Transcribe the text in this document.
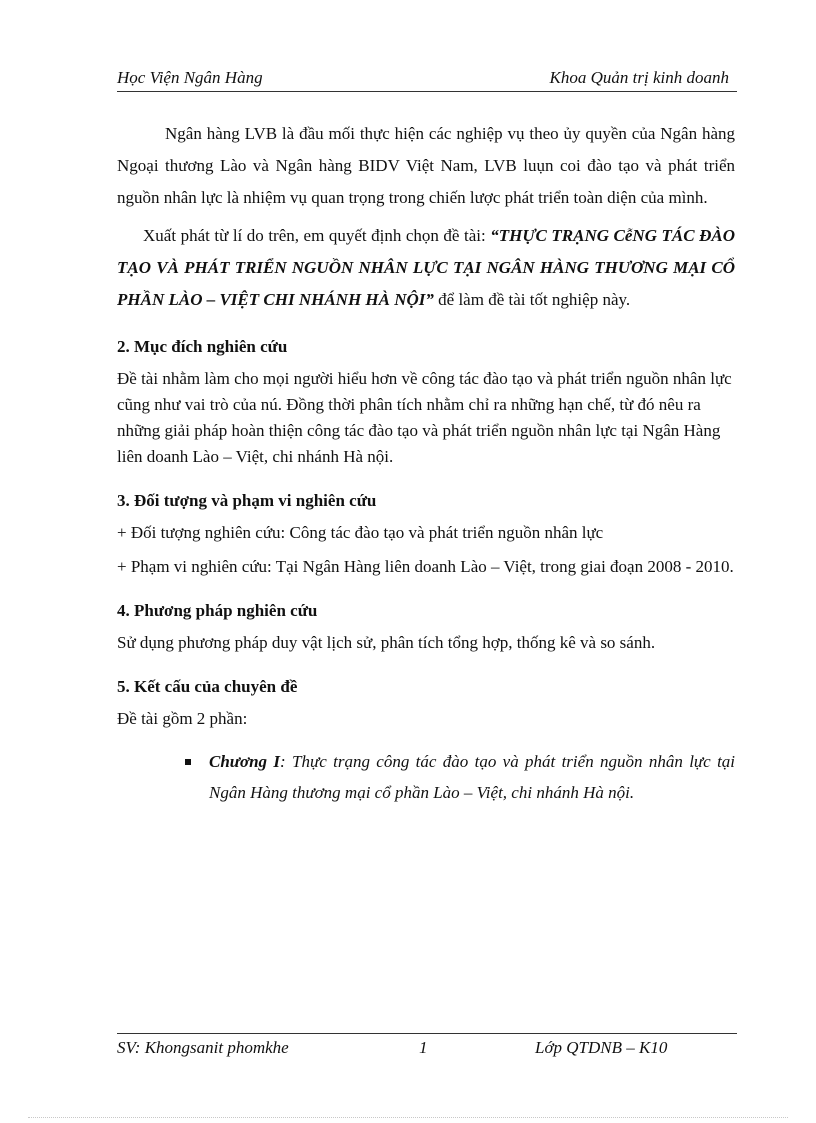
Học Viện Ngân Hàng	Khoa Quản trị kinh doanh

Ngân hàng LVB là đầu mối thực hiện các nghiệp vụ theo ủy quyền của Ngân hàng Ngoại thương Lào và Ngân hàng BIDV Việt Nam, LVB luụn coi đào tạo và phát triển nguồn nhân lực là nhiệm vụ quan trọng trong chiến lược phát triển toàn diện của mình.

Xuất phát từ lí do trên, em quyết định chọn đề tài: “THỰC TRẠNG CễNG TÁC ĐÀO TẠO VÀ PHÁT TRIỂN NGUỒN NHÂN LỰC TẠI NGÂN HÀNG THƯƠNG MẠI CỔ PHẦN LÀO – VIỆT CHI NHÁNH HÀ NỘI” để làm đề tài tốt nghiệp này.

2. Mục đích nghiên cứu

Đề tài nhằm làm cho mọi người hiểu hơn về công tác đào tạo và phát triển nguồn nhân lực cũng như vai trò của nú. Đồng thời phân tích nhằm chỉ ra những hạn chế, từ đó nêu ra những giải pháp hoàn thiện công tác đào tạo và phát triển nguồn nhân lực tại Ngân Hàng liên doanh Lào – Việt, chi nhánh Hà nội.

3. Đối tượng và phạm vi nghiên cứu

+ Đối tượng nghiên cứu: Công tác đào tạo và phát triển nguồn nhân lực

+ Phạm vi nghiên cứu: Tại Ngân Hàng liên doanh Lào – Việt, trong giai đoạn 2008 - 2010.

4. Phương pháp nghiên cứu

Sử dụng phương pháp duy vật lịch sử, phân tích tổng hợp, thống kê và so sánh.

5. Kết cấu của chuyên đề

Đề tài gồm 2 phần:

Chương I: Thực trạng công tác đào tạo và phát triển nguồn nhân lực tại Ngân Hàng thương mại cổ phần Lào – Việt, chi nhánh Hà nội.
SV: Khongsanit phomkhe	1	Lớp QTDNB – K10
